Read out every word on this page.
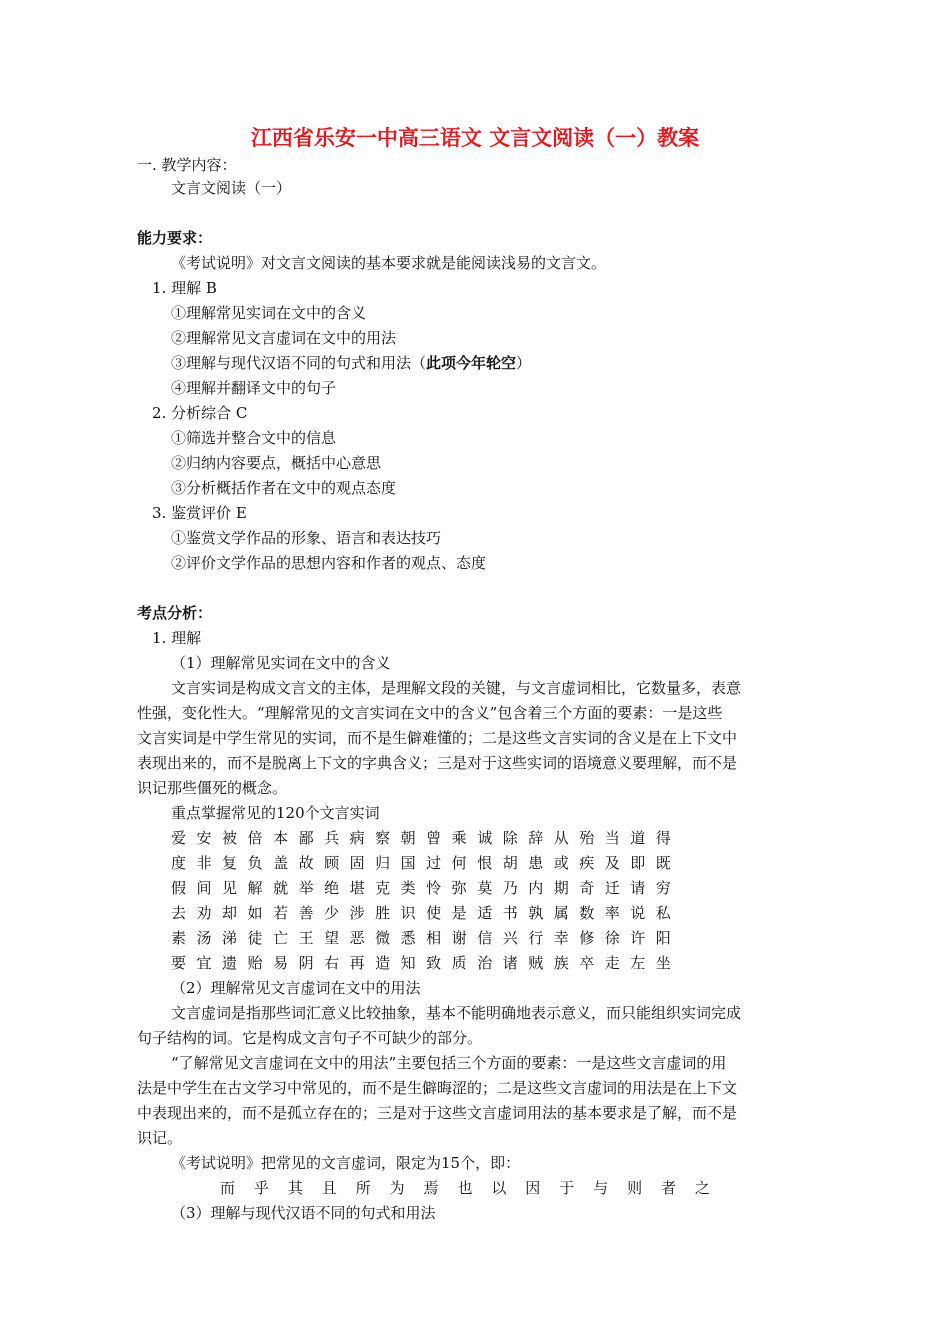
江西省乐安一中高三语文 文言文阅读（一）教案
一. 教学内容：
文言文阅读（一）
能力要求：
《考试说明》对文言文阅读的基本要求就是能阅读浅易的文言文。
1. 理解 B
①理解常见实词在文中的含义
②理解常见文言虚词在文中的用法
③理解与现代汉语不同的句式和用法（此项今年轮空）
④理解并翻译文中的句子
2. 分析综合 C
①筛选并整合文中的信息
②归纳内容要点，概括中心意思
③分析概括作者在文中的观点态度
3. 鉴赏评价 E
①鉴赏文学作品的形象、语言和表达技巧
②评价文学作品的思想内容和作者的观点、态度
考点分析：
1. 理解
（1）理解常见实词在文中的含义
文言实词是构成文言文的主体，是理解文段的关键，与文言虚词相比，它数量多，表意
性强，变化性大。“理解常见的文言实词在文中的含义”包含着三个方面的要素：一是这些
文言实词是中学生常见的实词，而不是生僻难懂的；二是这些文言实词的含义是在上下文中
表现出来的，而不是脱离上下文的字典含义；三是对于这些实词的语境意义要理解，而不是
识记那些僵死的概念。
重点掌握常见的120个文言实词
爱 安 被 倍 本 鄙 兵 病 察 朝 曾 乘 诚 除 辞 从 殆 当 道 得
度 非 复 负 盖 故 顾 固 归 国 过 何 恨 胡 患 或 疾 及 即 既
假 间 见 解 就 举 绝 堪 克 类 怜 弥 莫 乃 内 期 奇 迁 请 穷
去 劝 却 如 若 善 少 涉 胜 识 使 是 适 书 孰 属 数 率 说 私
素 汤 涕 徒 亡 王 望 恶 微 悉 相 谢 信 兴 行 幸 修 徐 许 阳
要 宜 遗 贻 易 阴 右 再 造 知 致 质 治 诸 贼 族 卒 走 左 坐
（2）理解常见文言虚词在文中的用法
文言虚词是指那些词汇意义比较抽象，基本不能明确地表示意义，而只能组织实词完成
句子结构的词。它是构成文言句子不可缺少的部分。
“了解常见文言虚词在文中的用法”主要包括三个方面的要素：一是这些文言虚词的用
法是中学生在古文学习中常见的，而不是生僻晦涩的；二是这些文言虚词的用法是在上下文
中表现出来的，而不是孤立存在的；三是对于这些文言虚词用法的基本要求是了解，而不是
识记。
《考试说明》把常见的文言虚词，限定为15个，即：
而 乎 其 且 所 为 焉 也 以 因 于 与 则 者 之
（3）理解与现代汉语不同的句式和用法
